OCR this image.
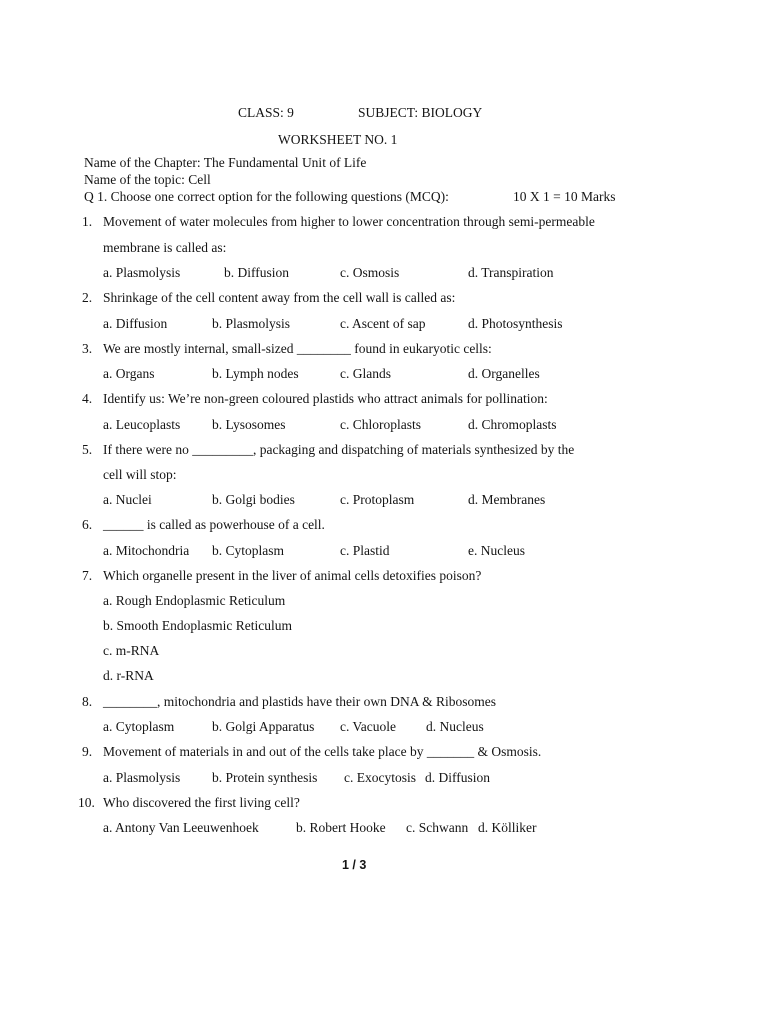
CLASS: 9	SUBJECT: BIOLOGY
WORKSHEET NO. 1
Name of the Chapter: The Fundamental Unit of Life
Name of the topic: Cell
Q 1. Choose one correct option for the following questions (MCQ):	10 X 1 = 10 Marks
1. Movement of water molecules from higher to lower concentration through semi-permeable
membrane is called as:
a. Plasmolysis	b. Diffusion	c. Osmosis	d. Transpiration
2. Shrinkage of the cell content away from the cell wall is called as:
a. Diffusion	b. Plasmolysis	c. Ascent of sap	d. Photosynthesis
3. We are mostly internal, small-sized ________ found in eukaryotic cells:
a. Organs	b. Lymph nodes	c. Glands	d. Organelles
4. Identify us: We’re non-green coloured plastids who attract animals for pollination:
a. Leucoplasts b. Lysosomes	c. Chloroplasts	d. Chromoplasts
5. If there were no _________, packaging and dispatching of materials synthesized by the
cell will stop:
a. Nuclei	b. Golgi bodies	c. Protoplasm	d. Membranes
6. ______ is called as powerhouse of a cell.
a. Mitochondria b. Cytoplasm	c. Plastid	e. Nucleus
7. Which organelle present in the liver of animal cells detoxifies poison?
a. Rough Endoplasmic Reticulum
b. Smooth Endoplasmic Reticulum
c. m-RNA
d. r-RNA
8. ________, mitochondria and plastids have their own DNA & Ribosomes
a. Cytoplasm	b. Golgi Apparatus c. Vacuole d. Nucleus
9. Movement of materials in and out of the cells take place by _______ & Osmosis.
a. Plasmolysis b. Protein synthesis c. Exocytosis d. Diffusion
10. Who discovered the first living cell?
a. Antony Van Leeuwenhoek	b. Robert Hooke c. Schwann d. Kölliker
1 / 3
